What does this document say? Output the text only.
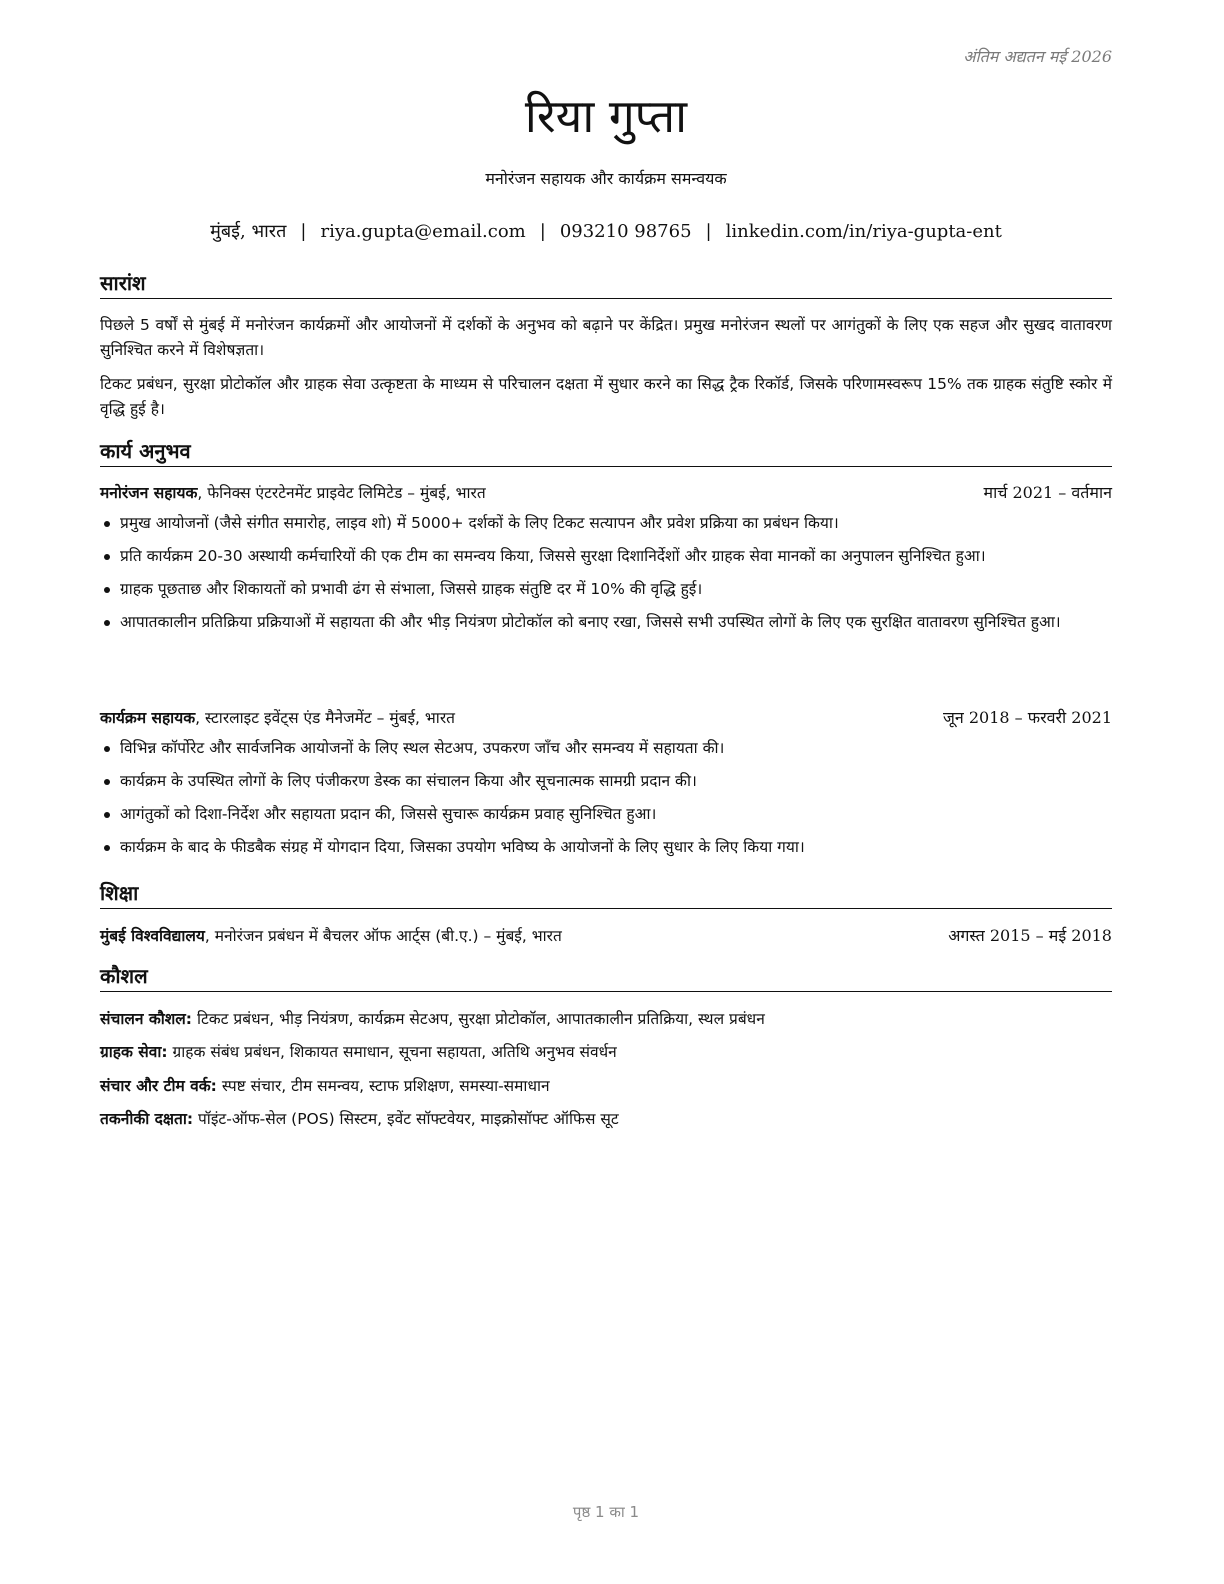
अंतिम अद्यतन मई 2026
रिया गुप्ता
मनोरंजन सहायक और कार्यक्रम समन्वयक
मुंबई, भारत | riya.gupta@email.com | 093210 98765 | linkedin.com/in/riya-gupta-ent
सारांश
पिछले 5 वर्षों से मुंबई में मनोरंजन कार्यक्रमों और आयोजनों में दर्शकों के अनुभव को बढ़ाने पर केंद्रित। प्रमुख मनोरंजन स्थलों पर आगंतुकों के लिए एक सहज और सुखद वातावरण सुनिश्चित करने में विशेषज्ञता।
टिकट प्रबंधन, सुरक्षा प्रोटोकॉल और ग्राहक सेवा उत्कृष्टता के माध्यम से परिचालन दक्षता में सुधार करने का सिद्ध ट्रैक रिकॉर्ड, जिसके परिणामस्वरूप 15% तक ग्राहक संतुष्टि स्कोर में वृद्धि हुई है।
कार्य अनुभव
मनोरंजन सहायक, फेनिक्स एंटरटेनमेंट प्राइवेट लिमिटेड – मुंबई, भारत	मार्च 2021 – वर्तमान
प्रमुख आयोजनों (जैसे संगीत समारोह, लाइव शो) में 5000+ दर्शकों के लिए टिकट सत्यापन और प्रवेश प्रक्रिया का प्रबंधन किया।
प्रति कार्यक्रम 20-30 अस्थायी कर्मचारियों की एक टीम का समन्वय किया, जिससे सुरक्षा दिशानिर्देशों और ग्राहक सेवा मानकों का अनुपालन सुनिश्चित हुआ।
ग्राहक पूछताछ और शिकायतों को प्रभावी ढंग से संभाला, जिससे ग्राहक संतुष्टि दर में 10% की वृद्धि हुई।
आपातकालीन प्रतिक्रिया प्रक्रियाओं में सहायता की और भीड़ नियंत्रण प्रोटोकॉल को बनाए रखा, जिससे सभी उपस्थित लोगों के लिए एक सुरक्षित वातावरण सुनिश्चित हुआ।
कार्यक्रम सहायक, स्टारलाइट इवेंट्स एंड मैनेजमेंट – मुंबई, भारत	जून 2018 – फरवरी 2021
विभिन्न कॉर्पोरेट और सार्वजनिक आयोजनों के लिए स्थल सेटअप, उपकरण जाँच और समन्वय में सहायता की।
कार्यक्रम के उपस्थित लोगों के लिए पंजीकरण डेस्क का संचालन किया और सूचनात्मक सामग्री प्रदान की।
आगंतुकों को दिशा-निर्देश और सहायता प्रदान की, जिससे सुचारू कार्यक्रम प्रवाह सुनिश्चित हुआ।
कार्यक्रम के बाद के फीडबैक संग्रह में योगदान दिया, जिसका उपयोग भविष्य के आयोजनों के लिए सुधार के लिए किया गया।
शिक्षा
मुंबई विश्वविद्यालय, मनोरंजन प्रबंधन में बैचलर ऑफ आर्ट्स (बी.ए.) – मुंबई, भारत	अगस्त 2015 – मई 2018
कौशल
संचालन कौशल: टिकट प्रबंधन, भीड़ नियंत्रण, कार्यक्रम सेटअप, सुरक्षा प्रोटोकॉल, आपातकालीन प्रतिक्रिया, स्थल प्रबंधन
ग्राहक सेवा: ग्राहक संबंध प्रबंधन, शिकायत समाधान, सूचना सहायता, अतिथि अनुभव संवर्धन
संचार और टीम वर्क: स्पष्ट संचार, टीम समन्वय, स्टाफ प्रशिक्षण, समस्या-समाधान
तकनीकी दक्षता: पॉइंट-ऑफ-सेल (POS) सिस्टम, इवेंट सॉफ्टवेयर, माइक्रोसॉफ्ट ऑफिस सूट
पृष्ठ 1 का 1
